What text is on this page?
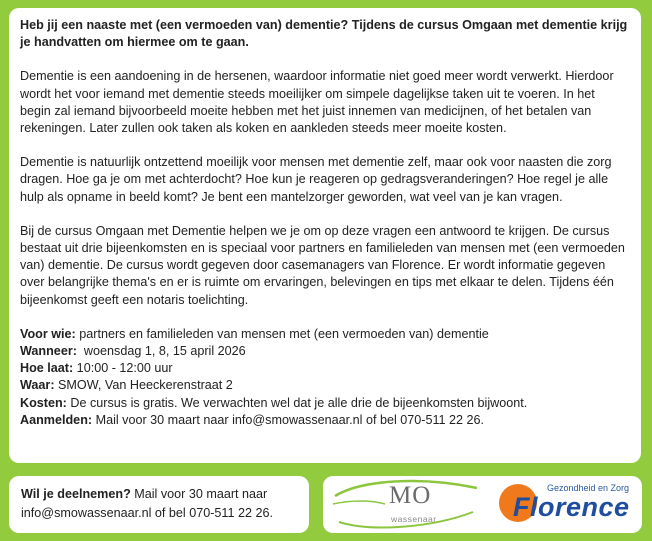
Heb jij een naaste met (een vermoeden van) dementie? Tijdens de cursus Omgaan met dementie krijg je handvatten om hiermee om te gaan.

Dementie is een aandoening in de hersenen, waardoor informatie niet goed meer wordt verwerkt. Hierdoor wordt het voor iemand met dementie steeds moeilijker om simpele dagelijkse taken uit te voeren. In het begin zal iemand bijvoorbeeld moeite hebben met het juist innemen van medicijnen, of het betalen van rekeningen. Later zullen ook taken als koken en aankleden steeds meer moeite kosten.

Dementie is natuurlijk ontzettend moeilijk voor mensen met dementie zelf, maar ook voor naasten die zorg dragen. Hoe ga je om met achterdocht? Hoe kun je reageren op gedragsveranderingen? Hoe regel je alle hulp als opname in beeld komt? Je bent een mantelzorger geworden, wat veel van je kan vragen.

Bij de cursus Omgaan met Dementie helpen we je om op deze vragen een antwoord te krijgen. De cursus bestaat uit drie bijeenkomsten en is speciaal voor partners en familieleden van mensen met (een vermoeden van) dementie. De cursus wordt gegeven door casemanagers van Florence. Er wordt informatie gegeven over belangrijke thema's en er is ruimte om ervaringen, belevingen en tips met elkaar te delen. Tijdens één bijeenkomst geeft een notaris toelichting.

Voor wie: partners en familieleden van mensen met (een vermoeden van) dementie
Wanneer:  woensdag 1, 8, 15 april 2026
Hoe laat: 10:00 - 12:00 uur
Waar: SMOW, Van Heeckerenstraat 2
Kosten: De cursus is gratis. We verwachten wel dat je alle drie de bijeenkomsten bijwoont.
Aanmelden: Mail voor 30 maart naar info@smowassenaar.nl of bel 070-511 22 26.
Wil je deelnemen? Mail voor 30 maart naar
info@smowassenaar.nl of bel 070-511 22 26.
MO
wassenaar
Gezondheid en Zorg
Florence
